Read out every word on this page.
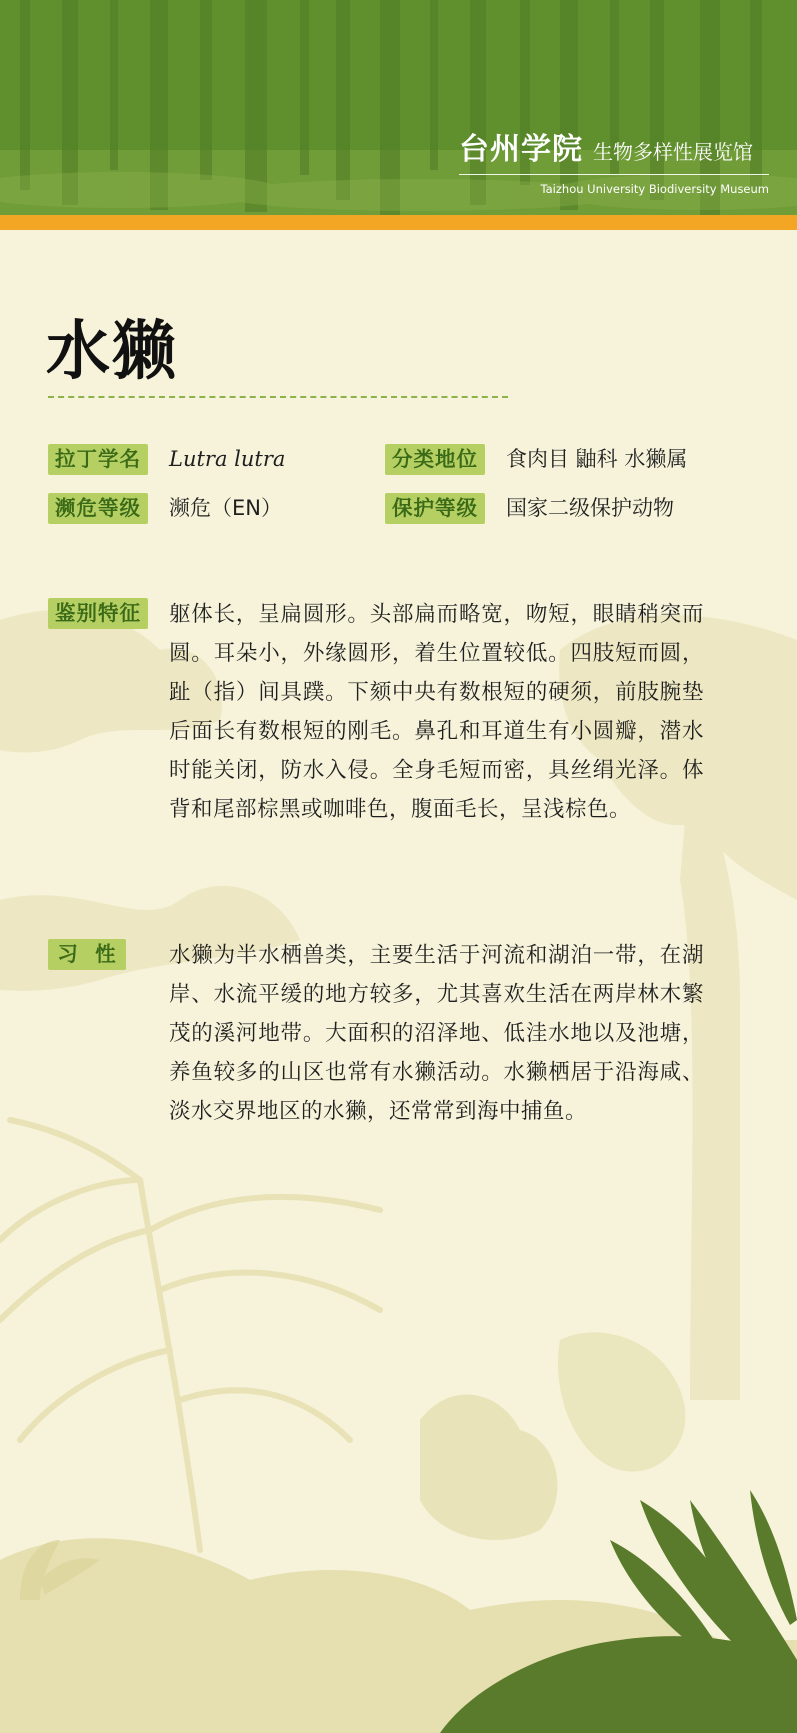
台州学院 生物多样性展览馆
Taizhou University Biodiversity Museum
水獭
拉丁学名	Lutra lutra	分类地位	食肉目 鼬科 水獭属
濒危等级	濒危（EN）	保护等级	国家二级保护动物
鉴别特征	躯体长，呈扁圆形。头部扁而略宽，吻短，眼睛稍突而圆。耳朵小，外缘圆形，着生位置较低。四肢短而圆，趾（指）间具蹼。下颏中央有数根短的硬须，前肢腕垫后面长有数根短的刚毛。鼻孔和耳道生有小圆瓣，潜水时能关闭，防水入侵。全身毛短而密，具丝绢光泽。体背和尾部棕黑或咖啡色，腹面毛长，呈浅棕色。
习  性	水獭为半水栖兽类，主要生活于河流和湖泊一带，在湖岸、水流平缓的地方较多，尤其喜欢生活在两岸林木繁茂的溪河地带。大面积的沼泽地、低洼水地以及池塘，养鱼较多的山区也常有水獭活动。水獭栖居于沿海咸、淡水交界地区的水獭，还常常到海中捕鱼。
